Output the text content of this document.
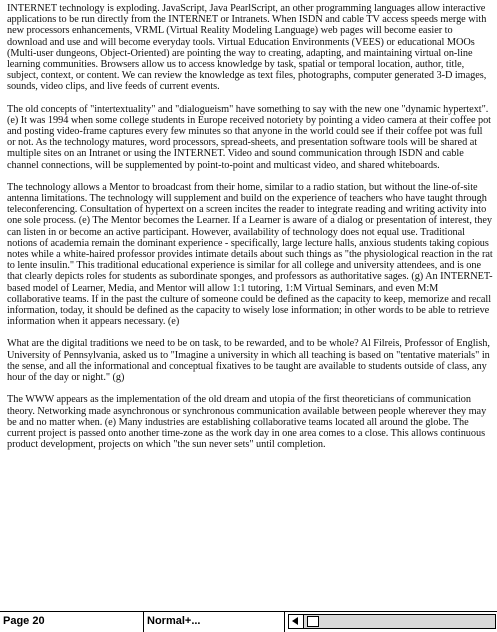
INTERNET technology is exploding. JavaScript, Java PearlScript, an other programming languages allow interactive applications to be run directly from the INTERNET or Intranets. When ISDN and cable TV access speeds merge with new processors enhancements, VRML (Virtual Reality Modeling Language) web pages will become easier to download and use and will become everyday tools. Virtual Education Environments (VEES) or educational MOOs (Multi-user dungeons, Object-Oriented) are pointing the way to creating, adapting, and maintaining virtual on-line learning communities. Browsers allow us to access knowledge by task, spatial or temporal location, author, title, subject, context, or content. We can review the knowledge as text files, photographs, computer generated 3-D images, sounds, video clips, and live feeds of current events.

The old concepts of "intertextuality" and "dialogueism" have something to say with the new one "dynamic hypertext". (e) It was 1994 when some college students in Europe received notoriety by pointing a video camera at their coffee pot and posting video-frame captures every few minutes so that anyone in the world could see if their coffee pot was full or not. As the technology matures, word processors, spread-sheets, and presentation software tools will be shared at multiple sites on an Intranet or using the INTERNET. Video and sound communication through ISDN and cable channel connections, will be supplemented by point-to-point and multicast video, and shared whiteboards.

The technology allows a Mentor to broadcast from their home, similar to a radio station, but without the line-of-site antenna limitations. The technology will supplement and build on the experience of teachers who have taught through teleconferencing. Consultation of hypertext on a screen incites the reader to integrate reading and writing activity into one sole process. (e) The Mentor becomes the Learner. If a Learner is aware of a dialog or presentation of interest, they can listen in or become an active participant. However, availability of technology does not equal use. Traditional notions of academia remain the dominant experience - specifically, large lecture halls, anxious students taking copious notes while a white-haired professor provides intimate details about such things as "the physiological reaction in the rat to lente insulin." This traditional educational experience is similar for all college and university attendees, and is one that clearly depicts roles for students as subordinate sponges, and professors as authoritative sages. (g) An INTERNET-based model of Learner, Media, and Mentor will allow 1:1 tutoring, 1:M Virtual Seminars, and even M:M collaborative teams. If in the past the culture of someone could be defined as the capacity to keep, memorize and recall information, today, it should be defined as the capacity to wisely lose information; in other words to be able to retrieve information when it appears necessary. (e)

What are the digital traditions we need to be on task, to be rewarded, and to be whole? Al Filreis, Professor of English, University of Pennsylvania, asked us to "Imagine a university in which all teaching is based on "tentative materials" in the sense, and all the informational and conceptual fixatives to be taught are available to students outside of class, any hour of the day or night." (g)

The WWW appears as the implementation of the old dream and utopia of the first theoreticians of communication theory. Networking made asynchronous or synchronous communication available between people wherever they may be and no matter when. (e) Many industries are establishing collaborative teams located all around the globe. The current project is passed onto another time-zone as the work day in one area comes to a close. This allows continuous product development, projects on which "the sun never sets" until completion.

Page 20	Normal+...
